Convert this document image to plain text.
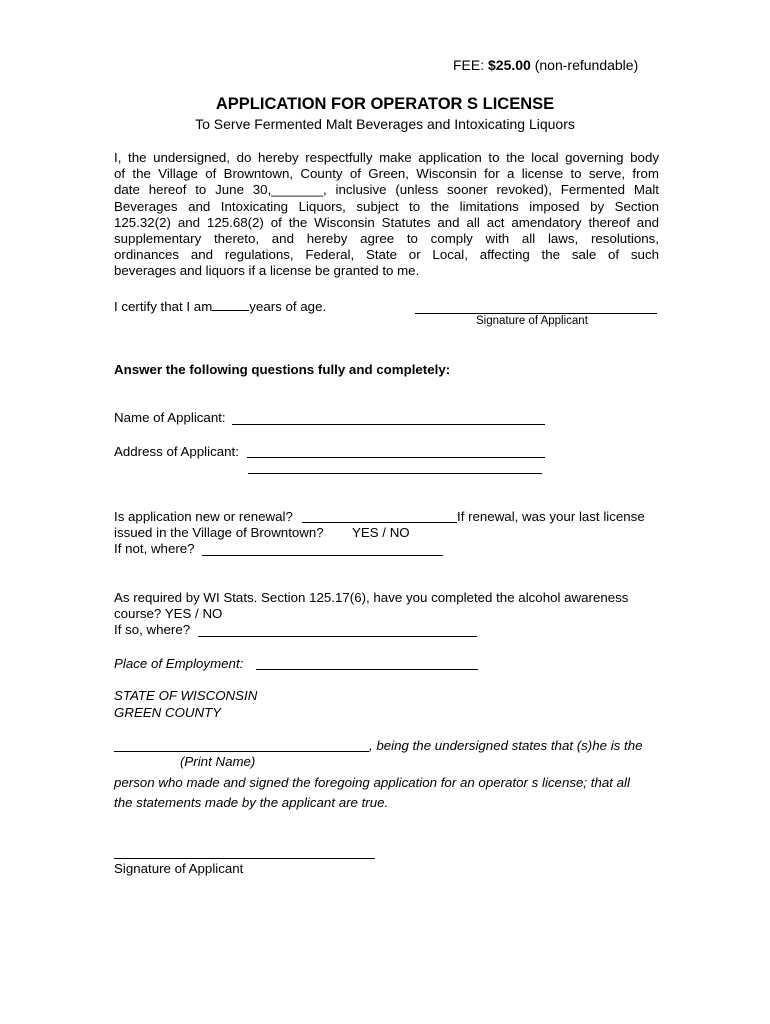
FEE: $25.00 (non-refundable)
APPLICATION FOR OPERATOR S LICENSE
To Serve Fermented Malt Beverages and Intoxicating Liquors
I, the undersigned, do hereby respectfully make application to the local governing body
of the Village of Browntown, County of Green, Wisconsin for a license to serve, from
date hereof to June 30,_______, inclusive (unless sooner revoked), Fermented Malt
Beverages and Intoxicating Liquors, subject to the limitations imposed by Section
125.32(2) and 125.68(2) of the Wisconsin Statutes and all act amendatory thereof and
supplementary thereto, and hereby agree to comply with all laws, resolutions,
ordinances and regulations, Federal, State or Local, affecting the sale of such
beverages and liquors if a license be granted to me.
I certify that I am	years of age.
Signature of Applicant
Answer the following questions fully and completely:
Name of Applicant:
Address of Applicant:
Is application new or renewal?	If renewal, was your last license
issued in the Village of Browntown? YES / NO
If not, where?
As required by WI Stats. Section 125.17(6), have you completed the alcohol awareness
course? YES / NO
If so, where?
Place of Employment:
STATE OF WISCONSIN
GREEN COUNTY
, being the undersigned states that (s)he is the
(Print Name)
person who made and signed the foregoing application for an operator s license; that all
the statements made by the applicant are true.
Signature of Applicant
